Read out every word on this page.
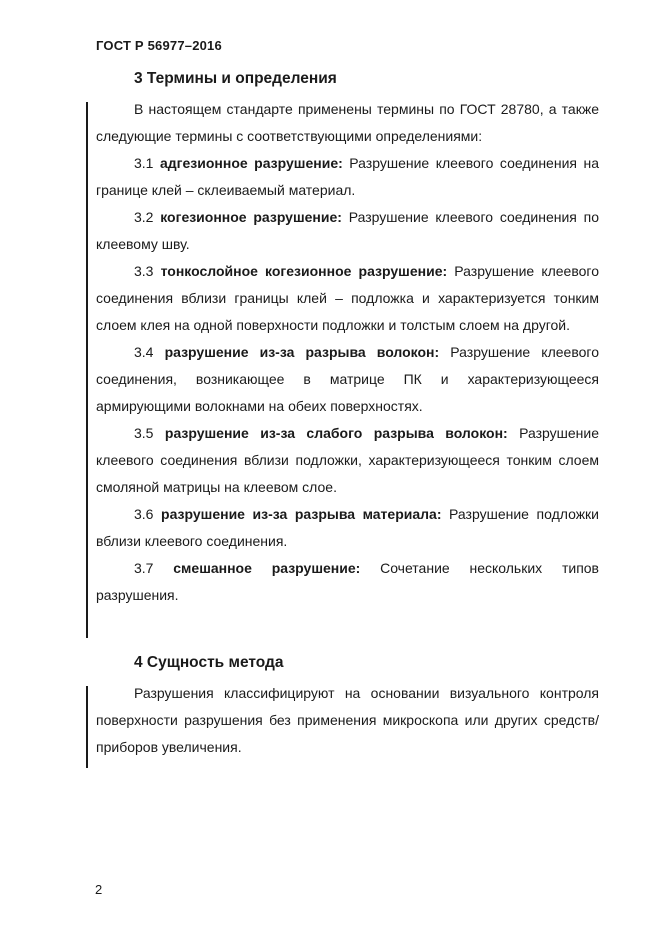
ГОСТ Р 56977–2016
3 Термины и определения

В настоящем стандарте применены термины по ГОСТ 28780, а также следующие термины с соответствующими определениями:

3.1 адгезионное разрушение: Разрушение клеевого соединения на границе клей – склеиваемый материал.

3.2 когезионное разрушение: Разрушение клеевого соединения по клеевому шву.

3.3 тонкослойное когезионное разрушение: Разрушение клеевого соединения вблизи границы клей – подложка и характеризуется тонким слоем клея на одной поверхности подложки и толстым слоем на другой.

3.4 разрушение из-за разрыва волокон: Разрушение клеевого соединения, возникающее в матрице ПК и характеризующееся армирующими волокнами на обеих поверхностях.

3.5 разрушение из-за слабого разрыва волокон: Разрушение клеевого соединения вблизи подложки, характеризующееся тонким слоем смоляной матрицы на клеевом слое.

3.6 разрушение из-за разрыва материала: Разрушение подложки вблизи клеевого соединения.

3.7 смешанное разрушение: Сочетание нескольких типов разрушения.

4 Сущность метода

Разрушения классифицируют на основании визуального контроля поверхности разрушения без применения микроскопа или других средств/приборов увеличения.

2
